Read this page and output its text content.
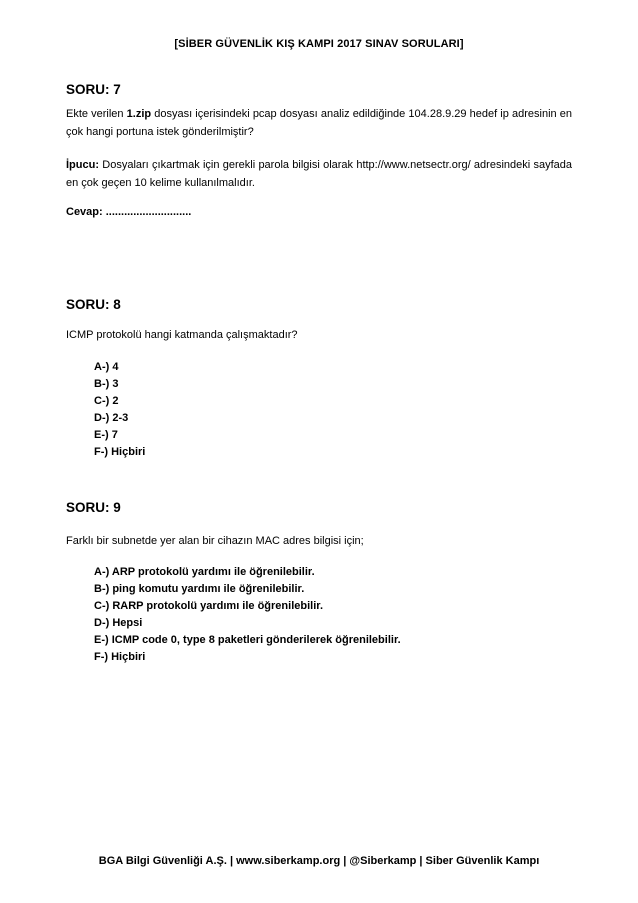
[SİBER GÜVENLİK KIŞ KAMPI 2017 SINAV SORULARI]
SORU: 7

Ekte verilen 1.zip dosyası içerisindeki pcap dosyası analiz edildiğinde 104.28.9.29 hedef ip adresinin en çok hangi portuna istek gönderilmiştir?

İpucu: Dosyaları çıkartmak için gerekli parola bilgisi olarak http://www.netsectr.org/ adresindeki sayfada en çok geçen 10 kelime kullanılmalıdır.

Cevap: ............................

SORU: 8

ICMP protokolü hangi katmanda çalışmaktadır?

A-) 4
B-) 3
C-) 2
D-) 2-3
E-) 7
F-) Hiçbiri
SORU: 9

Farklı bir subnetde yer alan bir cihazın MAC adres bilgisi için;

A-) ARP protokolü yardımı ile öğrenilebilir.
B-) ping komutu yardımı ile öğrenilebilir.
C-) RARP protokolü yardımı ile öğrenilebilir.
D-) Hepsi
E-) ICMP code 0, type 8 paketleri gönderilerek öğrenilebilir.
F-) Hiçbiri
BGA Bilgi Güvenliği A.Ş. | www.siberkamp.org | @Siberkamp | Siber Güvenlik Kampı
